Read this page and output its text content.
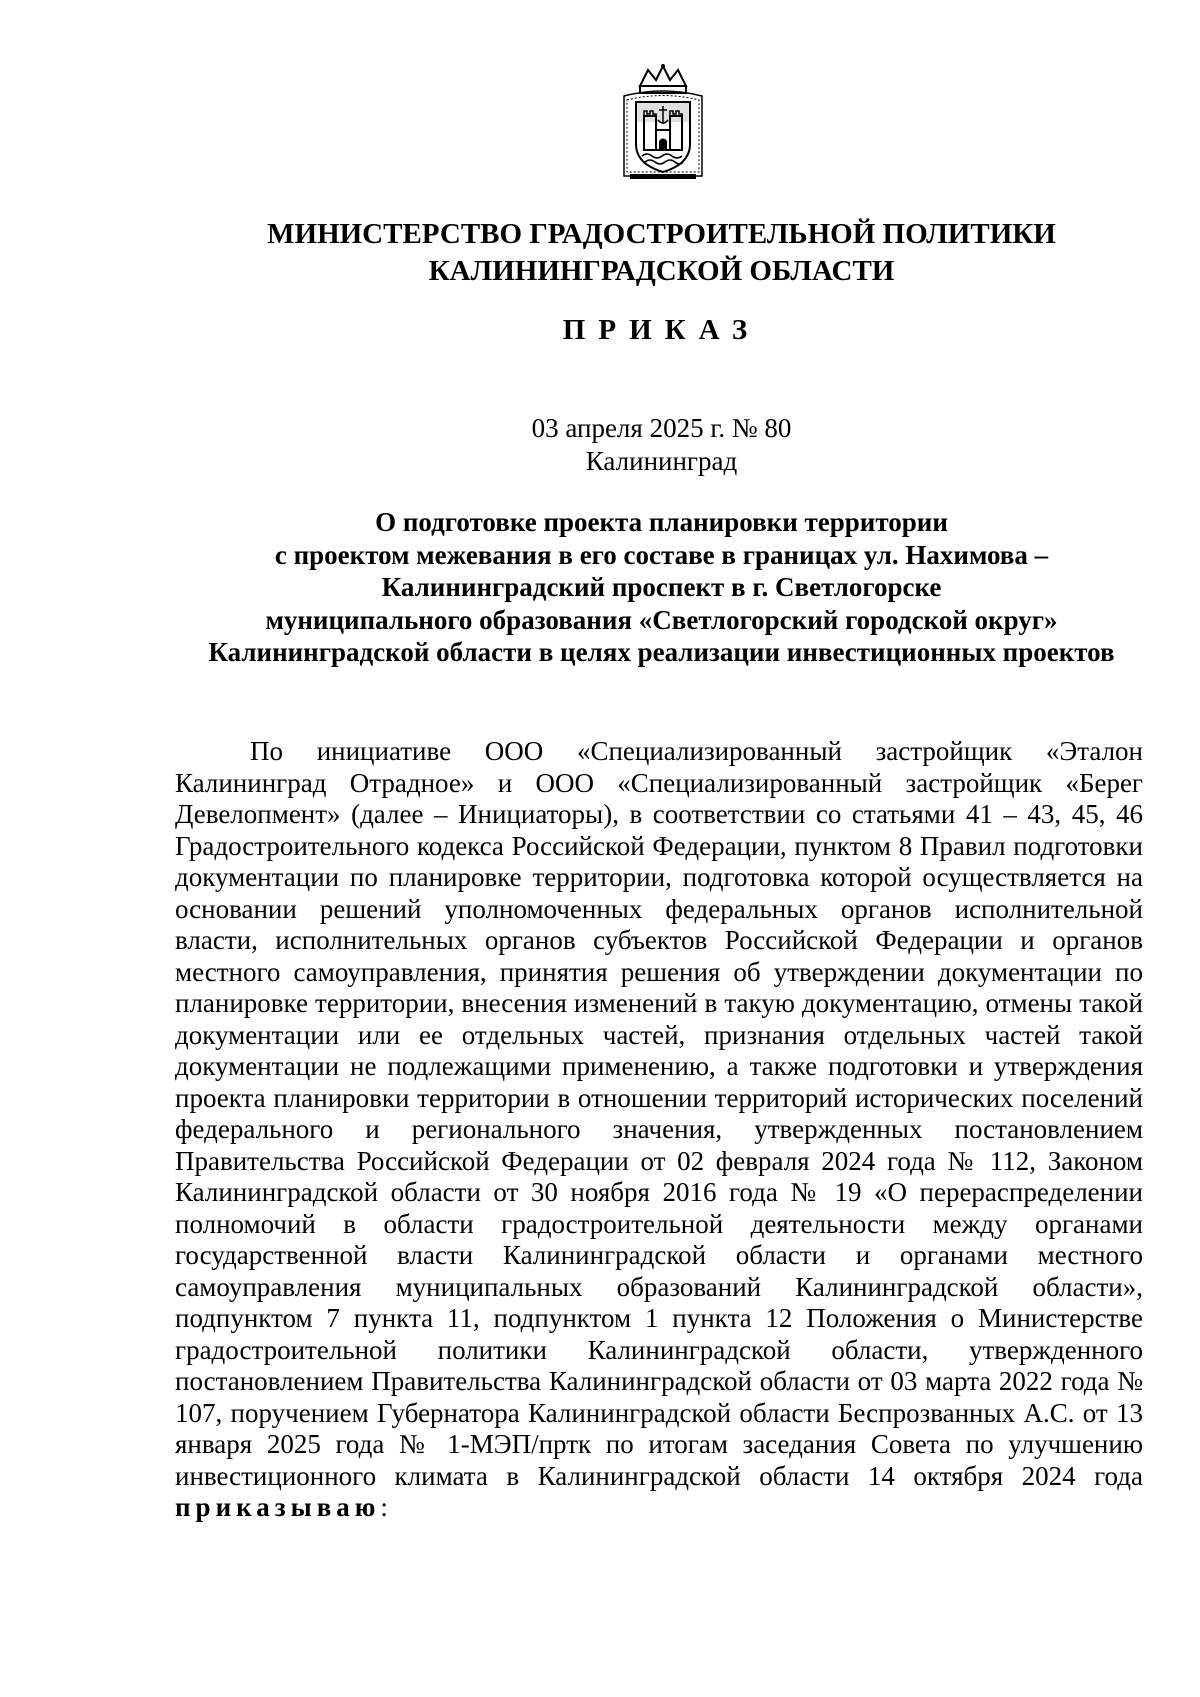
МИНИСТЕРСТВО ГРАДОСТРОИТЕЛЬНОЙ ПОЛИТИКИ
КАЛИНИНГРАДСКОЙ ОБЛАСТИ
ПРИКАЗ
03 апреля 2025 г. № 80
Калининград
О подготовке проекта планировки территории
с проектом межевания в его составе в границах ул. Нахимова –
Калининградский проспект в г. Светлогорске
муниципального образования «Светлогорский городской округ»
Калининградской области в целях реализации инвестиционных проектов

По инициативе ООО «Специализированный застройщик «Эталон Калининград Отрадное» и ООО «Специализированный застройщик «Берег Девелопмент» (далее – Инициаторы), в соответствии со статьями 41 – 43, 45, 46 Градостроительного кодекса Российской Федерации, пунктом 8 Правил подготовки документации по планировке территории, подготовка которой осуществляется на основании решений уполномоченных федеральных органов исполнительной власти, исполнительных органов субъектов Российской Федерации и органов местного самоуправления, принятия решения об утверждении документации по планировке территории, внесения изменений в такую документацию, отмены такой документации или ее отдельных частей, признания отдельных частей такой документации не подлежащими применению, а также подготовки и утверждения проекта планировки территории в отношении территорий исторических поселений федерального и регионального значения, утвержденных постановлением Правительства Российской Федерации от 02 февраля 2024 года № 112, Законом Калининградской области от 30 ноября 2016 года № 19 «О перераспределении полномочий в области градостроительной деятельности между органами государственной власти Калининградской области и органами местного самоуправления муниципальных образований Калининградской области», подпунктом 7 пункта 11, подпунктом 1 пункта 12 Положения о Министерстве градостроительной политики Калининградской области, утвержденного постановлением Правительства Калининградской области от 03 марта 2022 года № 107, поручением Губернатора Калининградской области Беспрозванных А.С. от 13 января 2025 года № 1-МЭП/пртк по итогам заседания Совета по улучшению инвестиционного климата в Калининградской области 14 октября 2024 года приказываю:
